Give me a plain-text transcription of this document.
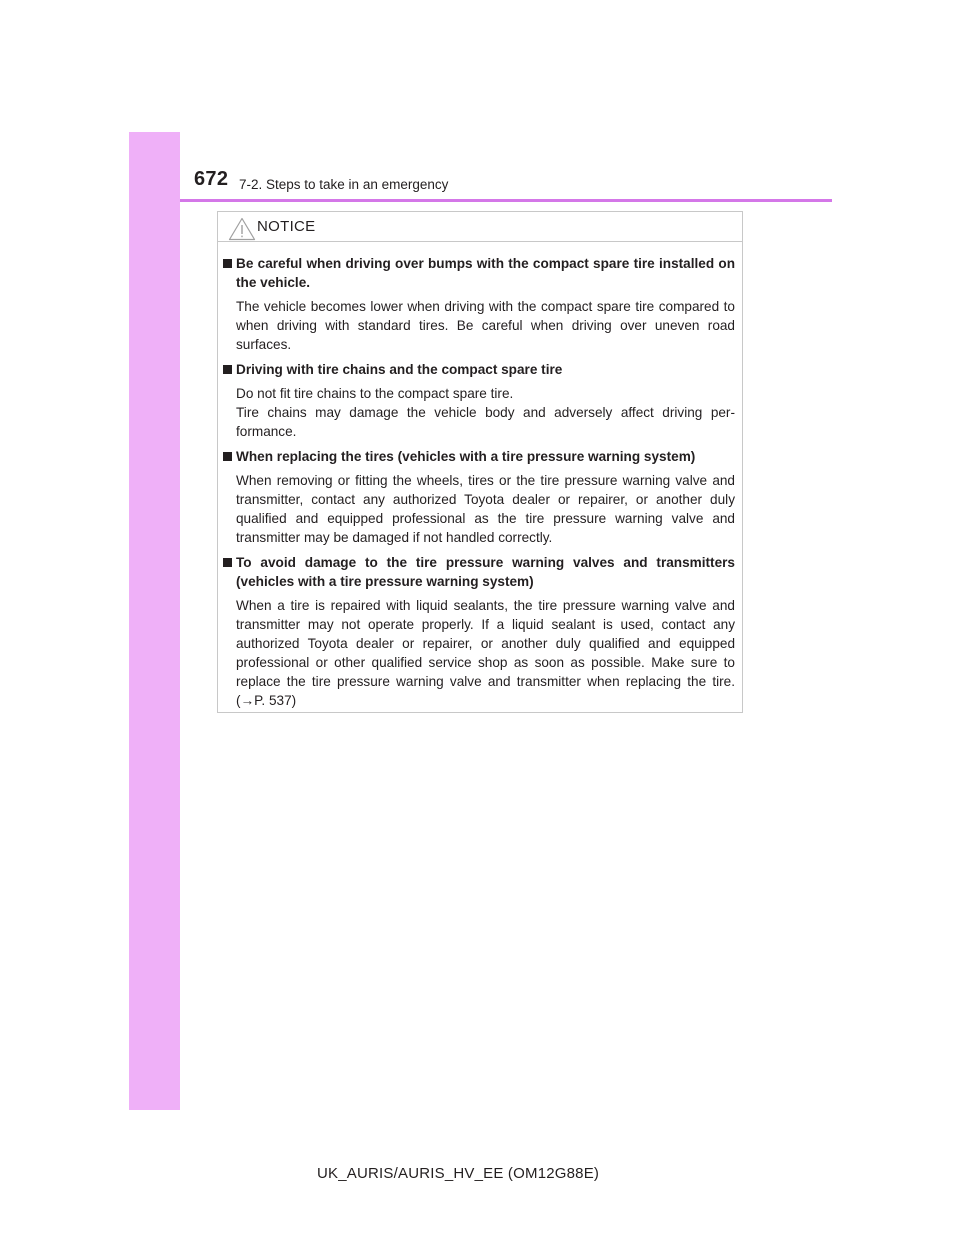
672 7-2. Steps to take in an emergency
NOTICE
Be careful when driving over bumps with the compact spare tire installed on the vehicle.
The vehicle becomes lower when driving with the compact spare tire compared to when driving with standard tires. Be careful when driving over uneven road surfaces.
Driving with tire chains and the compact spare tire
Do not fit tire chains to the compact spare tire.
Tire chains may damage the vehicle body and adversely affect driving performance.
When replacing the tires (vehicles with a tire pressure warning system)
When removing or fitting the wheels, tires or the tire pressure warning valve and transmitter, contact any authorized Toyota dealer or repairer, or another duly qualified and equipped professional as the tire pressure warning valve and transmitter may be damaged if not handled correctly.
To avoid damage to the tire pressure warning valves and transmitters (vehicles with a tire pressure warning system)
When a tire is repaired with liquid sealants, the tire pressure warning valve and transmitter may not operate properly. If a liquid sealant is used, contact any authorized Toyota dealer or repairer, or another duly qualified and equipped professional or other qualified service shop as soon as possible. Make sure to replace the tire pressure warning valve and transmitter when replacing the tire. (→P. 537)
UK_AURIS/AURIS_HV_EE (OM12G88E)
